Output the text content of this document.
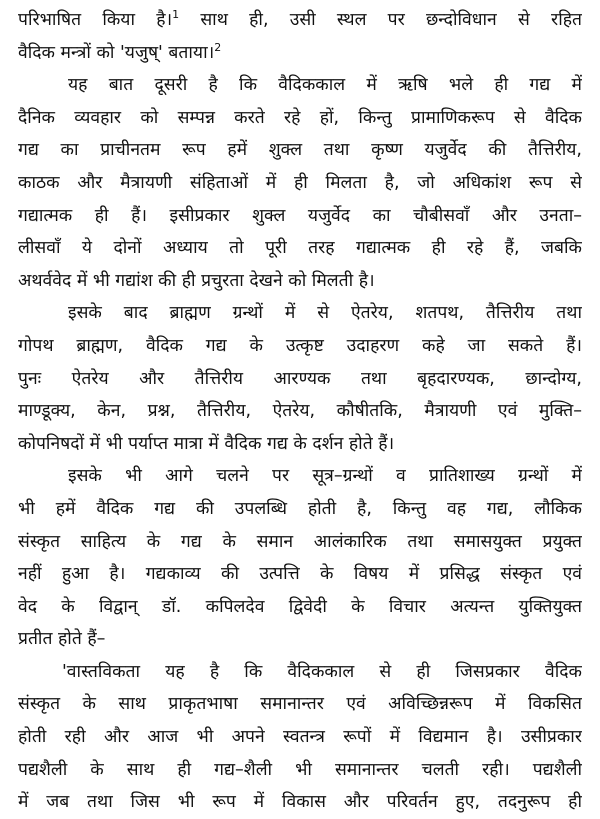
परिभाषित किया है।$^1$ साथ ही, उसी स्थल पर छन्दोविधान से रहित
वैदिक मन्त्रों को 'यजुष्' बताया।$^2$
यह बात दूसरी है कि वैदिककाल में ऋषि भले ही गद्य में
दैनिक व्यवहार को सम्पन्न करते रहे हों, किन्तु प्रामाणिकरूप से वैदिक
गद्य का प्राचीनतम रूप हमें शुक्ल तथा कृष्ण यजुर्वेद की तैत्तिरीय,
काठक और मैत्रायणी संहिताओं में ही मिलता है, जो अधिकांश रूप से
गद्यात्मक ही हैं। इसीप्रकार शुक्ल यजुर्वेद का चौबीसवाँ और उनता–
लीसवाँ ये दोनों अध्याय तो पूरी तरह गद्यात्मक ही रहे हैं, जबकि
अथर्ववेद में भी गद्यांश की ही प्रचुरता देखने को मिलती है।
इसके बाद ब्राह्मण ग्रन्थों में से ऐतरेय, शतपथ, तैत्तिरीय तथा
गोपथ ब्राह्मण, वैदिक गद्य के उत्कृष्ट उदाहरण कहे जा सकते हैं।
पुनः ऐतरेय और तैत्तिरीय आरण्यक तथा बृहदारण्यक, छान्दोग्य,
माण्डूक्य, केन, प्रश्न, तैत्तिरीय, ऐतरेय, कौषीतकि, मैत्रायणी एवं मुक्ति–
कोपनिषदों में भी पर्याप्त मात्रा में वैदिक गद्य के दर्शन होते हैं।
इसके भी आगे चलने पर सूत्र–ग्रन्थों व प्रातिशाख्य ग्रन्थों में
भी हमें वैदिक गद्य की उपलब्धि होती है, किन्तु वह गद्य, लौकिक
संस्कृत साहित्य के गद्य के समान आलंकारिक तथा समासयुक्त प्रयुक्त
नहीं हुआ है। गद्यकाव्य की उत्पत्ति के विषय में प्रसिद्ध संस्कृत एवं
वेद के विद्वान् डॉ. कपिलदेव द्विवेदी के विचार अत्यन्त युक्तियुक्त
प्रतीत होते हैं–
'वास्तविकता यह है कि वैदिककाल से ही जिसप्रकार वैदिक
संस्कृत के साथ प्राकृतभाषा समानान्तर एवं अविच्छिन्नरूप में विकसित
होती रही और आज भी अपने स्वतन्त्र रूपों में विद्यमान है। उसीप्रकार
पद्यशैली के साथ ही गद्य–शैली भी समानान्तर चलती रही। पद्यशैली
में जब तथा जिस भी रूप में विकास और परिवर्तन हुए, तदनुरूप ही
